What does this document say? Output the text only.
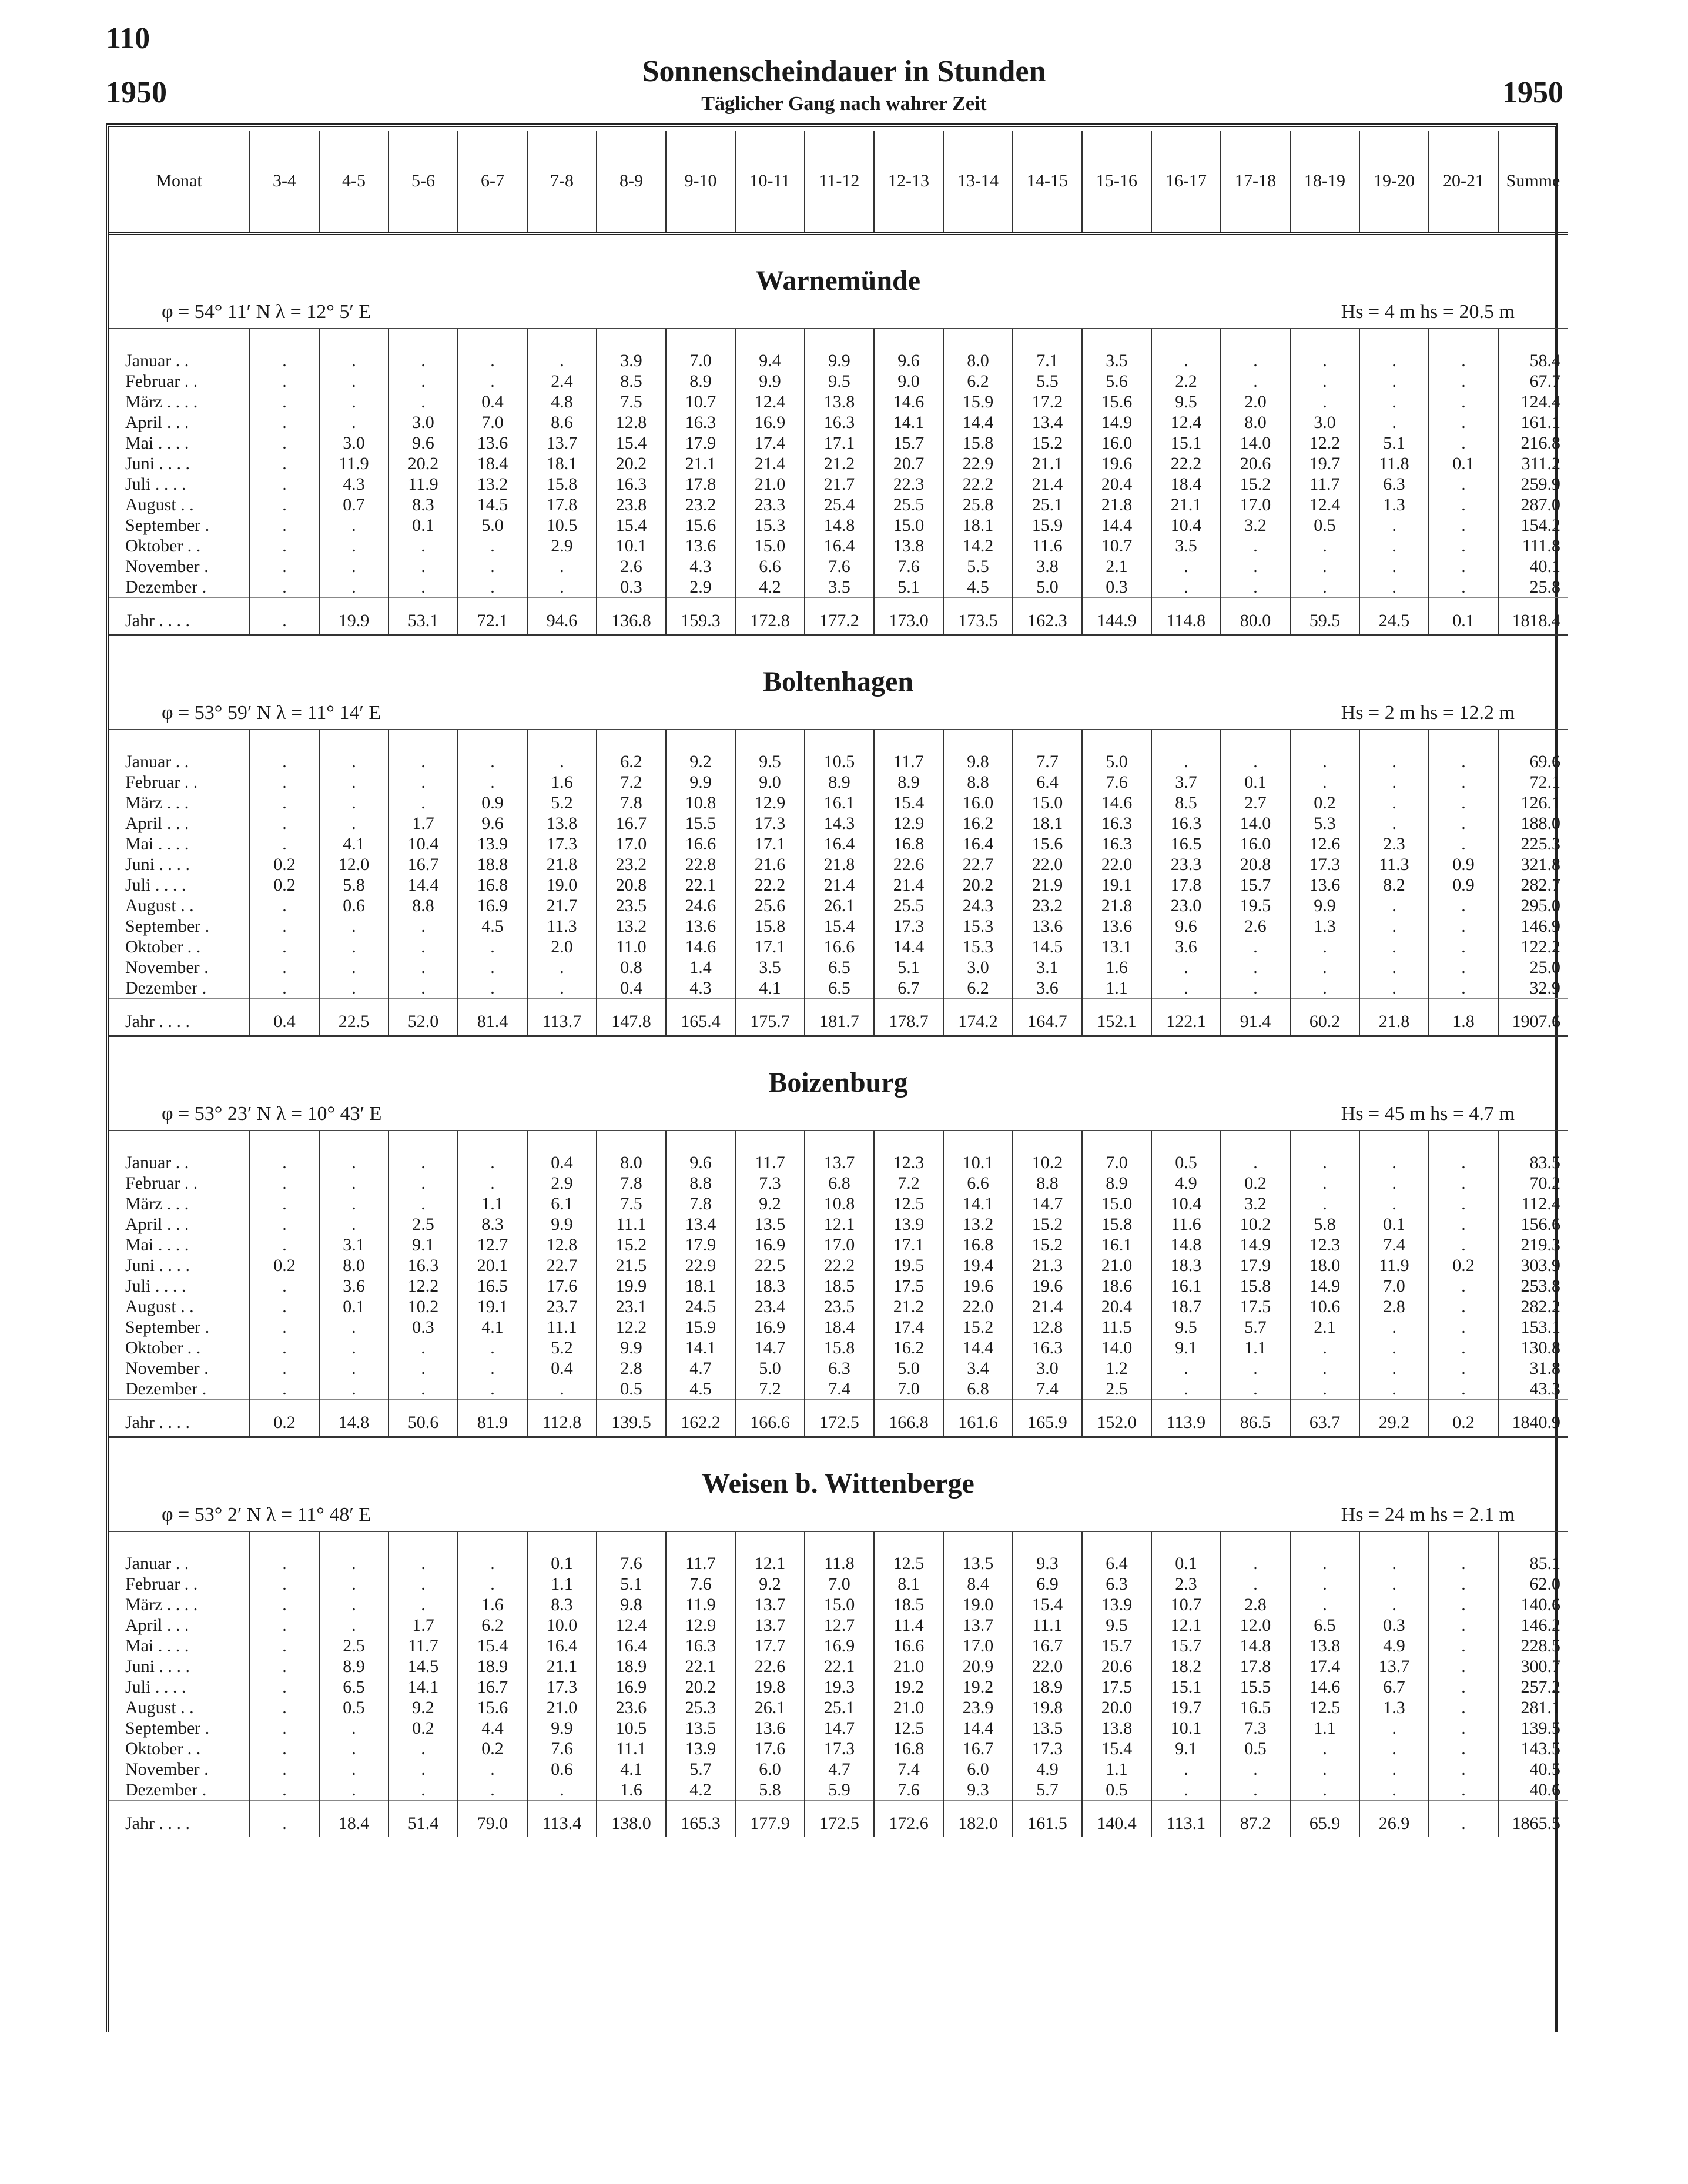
110
1950	1950
Sonnenscheindauer in Stunden
Täglicher Gang nach wahrer Zeit
Monat	3-4	4-5	5-6	6-7	7-8	8-9	9-10	10-11	11-12	12-13	13-14	14-15	15-16	16-17	17-18	18-19	19-20	20-21	Summe

Warnemünde
φ = 54° 11′ N λ = 12° 5′ E Hs = 4 m hs = 20.5 m																			

Januar . .	.	.	.	.	.	3.9	7.0	9.4	9.9	9.6	8.0	7.1	3.5	.	.	.	.	.	58.4
Februar . .	.	.	.	.	2.4	8.5	8.9	9.9	9.5	9.0	6.2	5.5	5.6	2.2	.	.	.	.	67.7
März . . . .	.	.	.	0.4	4.8	7.5	10.7	12.4	13.8	14.6	15.9	17.2	15.6	9.5	2.0	.	.	.	124.4
April . . .	.	.	3.0	7.0	8.6	12.8	16.3	16.9	16.3	14.1	14.4	13.4	14.9	12.4	8.0	3.0	.	.	161.1
Mai . . . .	.	3.0	9.6	13.6	13.7	15.4	17.9	17.4	17.1	15.7	15.8	15.2	16.0	15.1	14.0	12.2	5.1	.	216.8
Juni . . . .	.	11.9	20.2	18.4	18.1	20.2	21.1	21.4	21.2	20.7	22.9	21.1	19.6	22.2	20.6	19.7	11.8	0.1	311.2
Juli . . . .	.	4.3	11.9	13.2	15.8	16.3	17.8	21.0	21.7	22.3	22.2	21.4	20.4	18.4	15.2	11.7	6.3	.	259.9
August . .	.	0.7	8.3	14.5	17.8	23.8	23.2	23.3	25.4	25.5	25.8	25.1	21.8	21.1	17.0	12.4	1.3	.	287.0
September .	.	.	0.1	5.0	10.5	15.4	15.6	15.3	14.8	15.0	18.1	15.9	14.4	10.4	3.2	0.5	.	.	154.2
Oktober . .	.	.	.	.	2.9	10.1	13.6	15.0	16.4	13.8	14.2	11.6	10.7	3.5	.	.	.	.	111.8
November .	.	.	.	.	.	2.6	4.3	6.6	7.6	7.6	5.5	3.8	2.1	.	.	.	.	.	40.1
Dezember .	.	.	.	.	.	0.3	2.9	4.2	3.5	5.1	4.5	5.0	0.3	.	.	.	.	.	25.8
Jahr . . . .	.	19.9	53.1	72.1	94.6	136.8	159.3	172.8	177.2	173.0	173.5	162.3	144.9	114.8	80.0	59.5	24.5	0.1	1818.4

Boltenhagen
φ = 53° 59′ N λ = 11° 14′ E Hs = 2 m hs = 12.2 m																			

Januar . .	.	.	.	.	.	6.2	9.2	9.5	10.5	11.7	9.8	7.7	5.0	.	.	.	.	.	69.6
Februar . .	.	.	.	.	1.6	7.2	9.9	9.0	8.9	8.9	8.8	6.4	7.6	3.7	0.1	.	.	.	72.1
März . . .	.	.	.	0.9	5.2	7.8	10.8	12.9	16.1	15.4	16.0	15.0	14.6	8.5	2.7	0.2	.	.	126.1
April . . .	.	.	1.7	9.6	13.8	16.7	15.5	17.3	14.3	12.9	16.2	18.1	16.3	16.3	14.0	5.3	.	.	188.0
Mai . . . .	.	4.1	10.4	13.9	17.3	17.0	16.6	17.1	16.4	16.8	16.4	15.6	16.3	16.5	16.0	12.6	2.3	.	225.3
Juni . . . .	0.2	12.0	16.7	18.8	21.8	23.2	22.8	21.6	21.8	22.6	22.7	22.0	22.0	23.3	20.8	17.3	11.3	0.9	321.8
Juli . . . .	0.2	5.8	14.4	16.8	19.0	20.8	22.1	22.2	21.4	21.4	20.2	21.9	19.1	17.8	15.7	13.6	8.2	0.9	282.7
August . .	.	0.6	8.8	16.9	21.7	23.5	24.6	25.6	26.1	25.5	24.3	23.2	21.8	23.0	19.5	9.9	.	.	295.0
September .	.	.	.	4.5	11.3	13.2	13.6	15.8	15.4	17.3	15.3	13.6	13.6	9.6	2.6	1.3	.	.	146.9
Oktober . .	.	.	.	.	2.0	11.0	14.6	17.1	16.6	14.4	15.3	14.5	13.1	3.6	.	.	.	.	122.2
November .	.	.	.	.	.	0.8	1.4	3.5	6.5	5.1	3.0	3.1	1.6	.	.	.	.	.	25.0
Dezember .	.	.	.	.	.	0.4	4.3	4.1	6.5	6.7	6.2	3.6	1.1	.	.	.	.	.	32.9
Jahr . . . .	0.4	22.5	52.0	81.4	113.7	147.8	165.4	175.7	181.7	178.7	174.2	164.7	152.1	122.1	91.4	60.2	21.8	1.8	1907.6

Boizenburg
φ = 53° 23′ N λ = 10° 43′ E Hs = 45 m hs = 4.7 m																			

Januar . .	.	.	.	.	0.4	8.0	9.6	11.7	13.7	12.3	10.1	10.2	7.0	0.5	.	.	.	.	83.5
Februar . .	.	.	.	.	2.9	7.8	8.8	7.3	6.8	7.2	6.6	8.8	8.9	4.9	0.2	.	.	.	70.2
März . . .	.	.	.	1.1	6.1	7.5	7.8	9.2	10.8	12.5	14.1	14.7	15.0	10.4	3.2	.	.	.	112.4
April . . .	.	.	2.5	8.3	9.9	11.1	13.4	13.5	12.1	13.9	13.2	15.2	15.8	11.6	10.2	5.8	0.1	.	156.6
Mai . . . .	.	3.1	9.1	12.7	12.8	15.2	17.9	16.9	17.0	17.1	16.8	15.2	16.1	14.8	14.9	12.3	7.4	.	219.3
Juni . . . .	0.2	8.0	16.3	20.1	22.7	21.5	22.9	22.5	22.2	19.5	19.4	21.3	21.0	18.3	17.9	18.0	11.9	0.2	303.9
Juli . . . .	.	3.6	12.2	16.5	17.6	19.9	18.1	18.3	18.5	17.5	19.6	19.6	18.6	16.1	15.8	14.9	7.0	.	253.8
August . .	.	0.1	10.2	19.1	23.7	23.1	24.5	23.4	23.5	21.2	22.0	21.4	20.4	18.7	17.5	10.6	2.8	.	282.2
September .	.	.	0.3	4.1	11.1	12.2	15.9	16.9	18.4	17.4	15.2	12.8	11.5	9.5	5.7	2.1	.	.	153.1
Oktober . .	.	.	.	.	5.2	9.9	14.1	14.7	15.8	16.2	14.4	16.3	14.0	9.1	1.1	.	.	.	130.8
November .	.	.	.	.	0.4	2.8	4.7	5.0	6.3	5.0	3.4	3.0	1.2	.	.	.	.	.	31.8
Dezember .	.	.	.	.	.	0.5	4.5	7.2	7.4	7.0	6.8	7.4	2.5	.	.	.	.	.	43.3
Jahr . . . .	0.2	14.8	50.6	81.9	112.8	139.5	162.2	166.6	172.5	166.8	161.6	165.9	152.0	113.9	86.5	63.7	29.2	0.2	1840.9

Weisen b. Wittenberge
φ = 53° 2′ N λ = 11° 48′ E Hs = 24 m hs = 2.1 m																			

Januar . .	.	.	.	.	0.1	7.6	11.7	12.1	11.8	12.5	13.5	9.3	6.4	0.1	.	.	.	.	85.1
Februar . .	.	.	.	.	1.1	5.1	7.6	9.2	7.0	8.1	8.4	6.9	6.3	2.3	.	.	.	.	62.0
März . . . .	.	.	.	1.6	8.3	9.8	11.9	13.7	15.0	18.5	19.0	15.4	13.9	10.7	2.8	.	.	.	140.6
April . . .	.	.	1.7	6.2	10.0	12.4	12.9	13.7	12.7	11.4	13.7	11.1	9.5	12.1	12.0	6.5	0.3	.	146.2
Mai . . . .	.	2.5	11.7	15.4	16.4	16.4	16.3	17.7	16.9	16.6	17.0	16.7	15.7	15.7	14.8	13.8	4.9	.	228.5
Juni . . . .	.	8.9	14.5	18.9	21.1	18.9	22.1	22.6	22.1	21.0	20.9	22.0	20.6	18.2	17.8	17.4	13.7	.	300.7
Juli . . . .	.	6.5	14.1	16.7	17.3	16.9	20.2	19.8	19.3	19.2	19.2	18.9	17.5	15.1	15.5	14.6	6.7	.	257.2
August . .	.	0.5	9.2	15.6	21.0	23.6	25.3	26.1	25.1	21.0	23.9	19.8	20.0	19.7	16.5	12.5	1.3	.	281.1
September .	.	.	0.2	4.4	9.9	10.5	13.5	13.6	14.7	12.5	14.4	13.5	13.8	10.1	7.3	1.1	.	.	139.5
Oktober . .	.	.	.	0.2	7.6	11.1	13.9	17.6	17.3	16.8	16.7	17.3	15.4	9.1	0.5	.	.	.	143.5
November .	.	.	.	.	0.6	4.1	5.7	6.0	4.7	7.4	6.0	4.9	1.1	.	.	.	.	.	40.5
Dezember .	.	.	.	.	.	1.6	4.2	5.8	5.9	7.6	9.3	5.7	0.5	.	.	.	.	.	40.6
Jahr . . . .	.	18.4	51.4	79.0	113.4	138.0	165.3	177.9	172.5	172.6	182.0	161.5	140.4	113.1	87.2	65.9	26.9	.	1865.5
